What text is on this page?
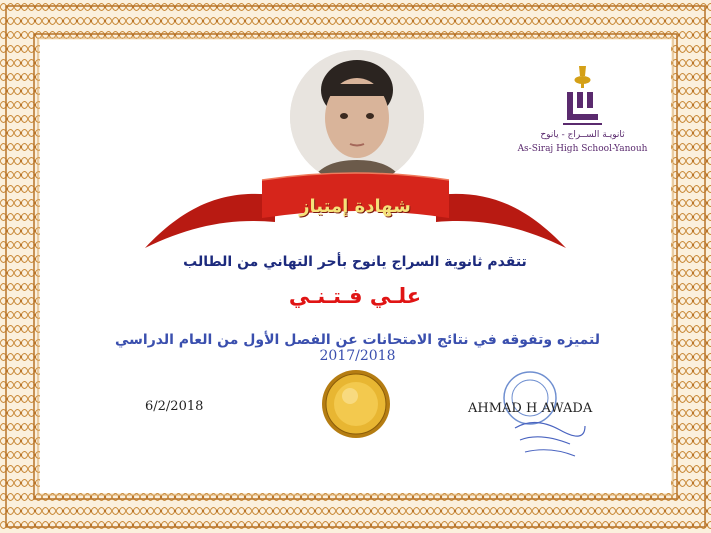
ثانويـة الســراج - يانوح
As-Siraj High School-Yanouh
شهادة إمتياز
تتقدم ثانوية السراج يانوح بأحر التهاني من الطالب
علـي فـتـنـي
لتميزه وتفوقه في نتائج الامتحانات عن الفصل الأول من العام الدراسي 2017/2018
6/2/2018	AHMAD H AWADA
